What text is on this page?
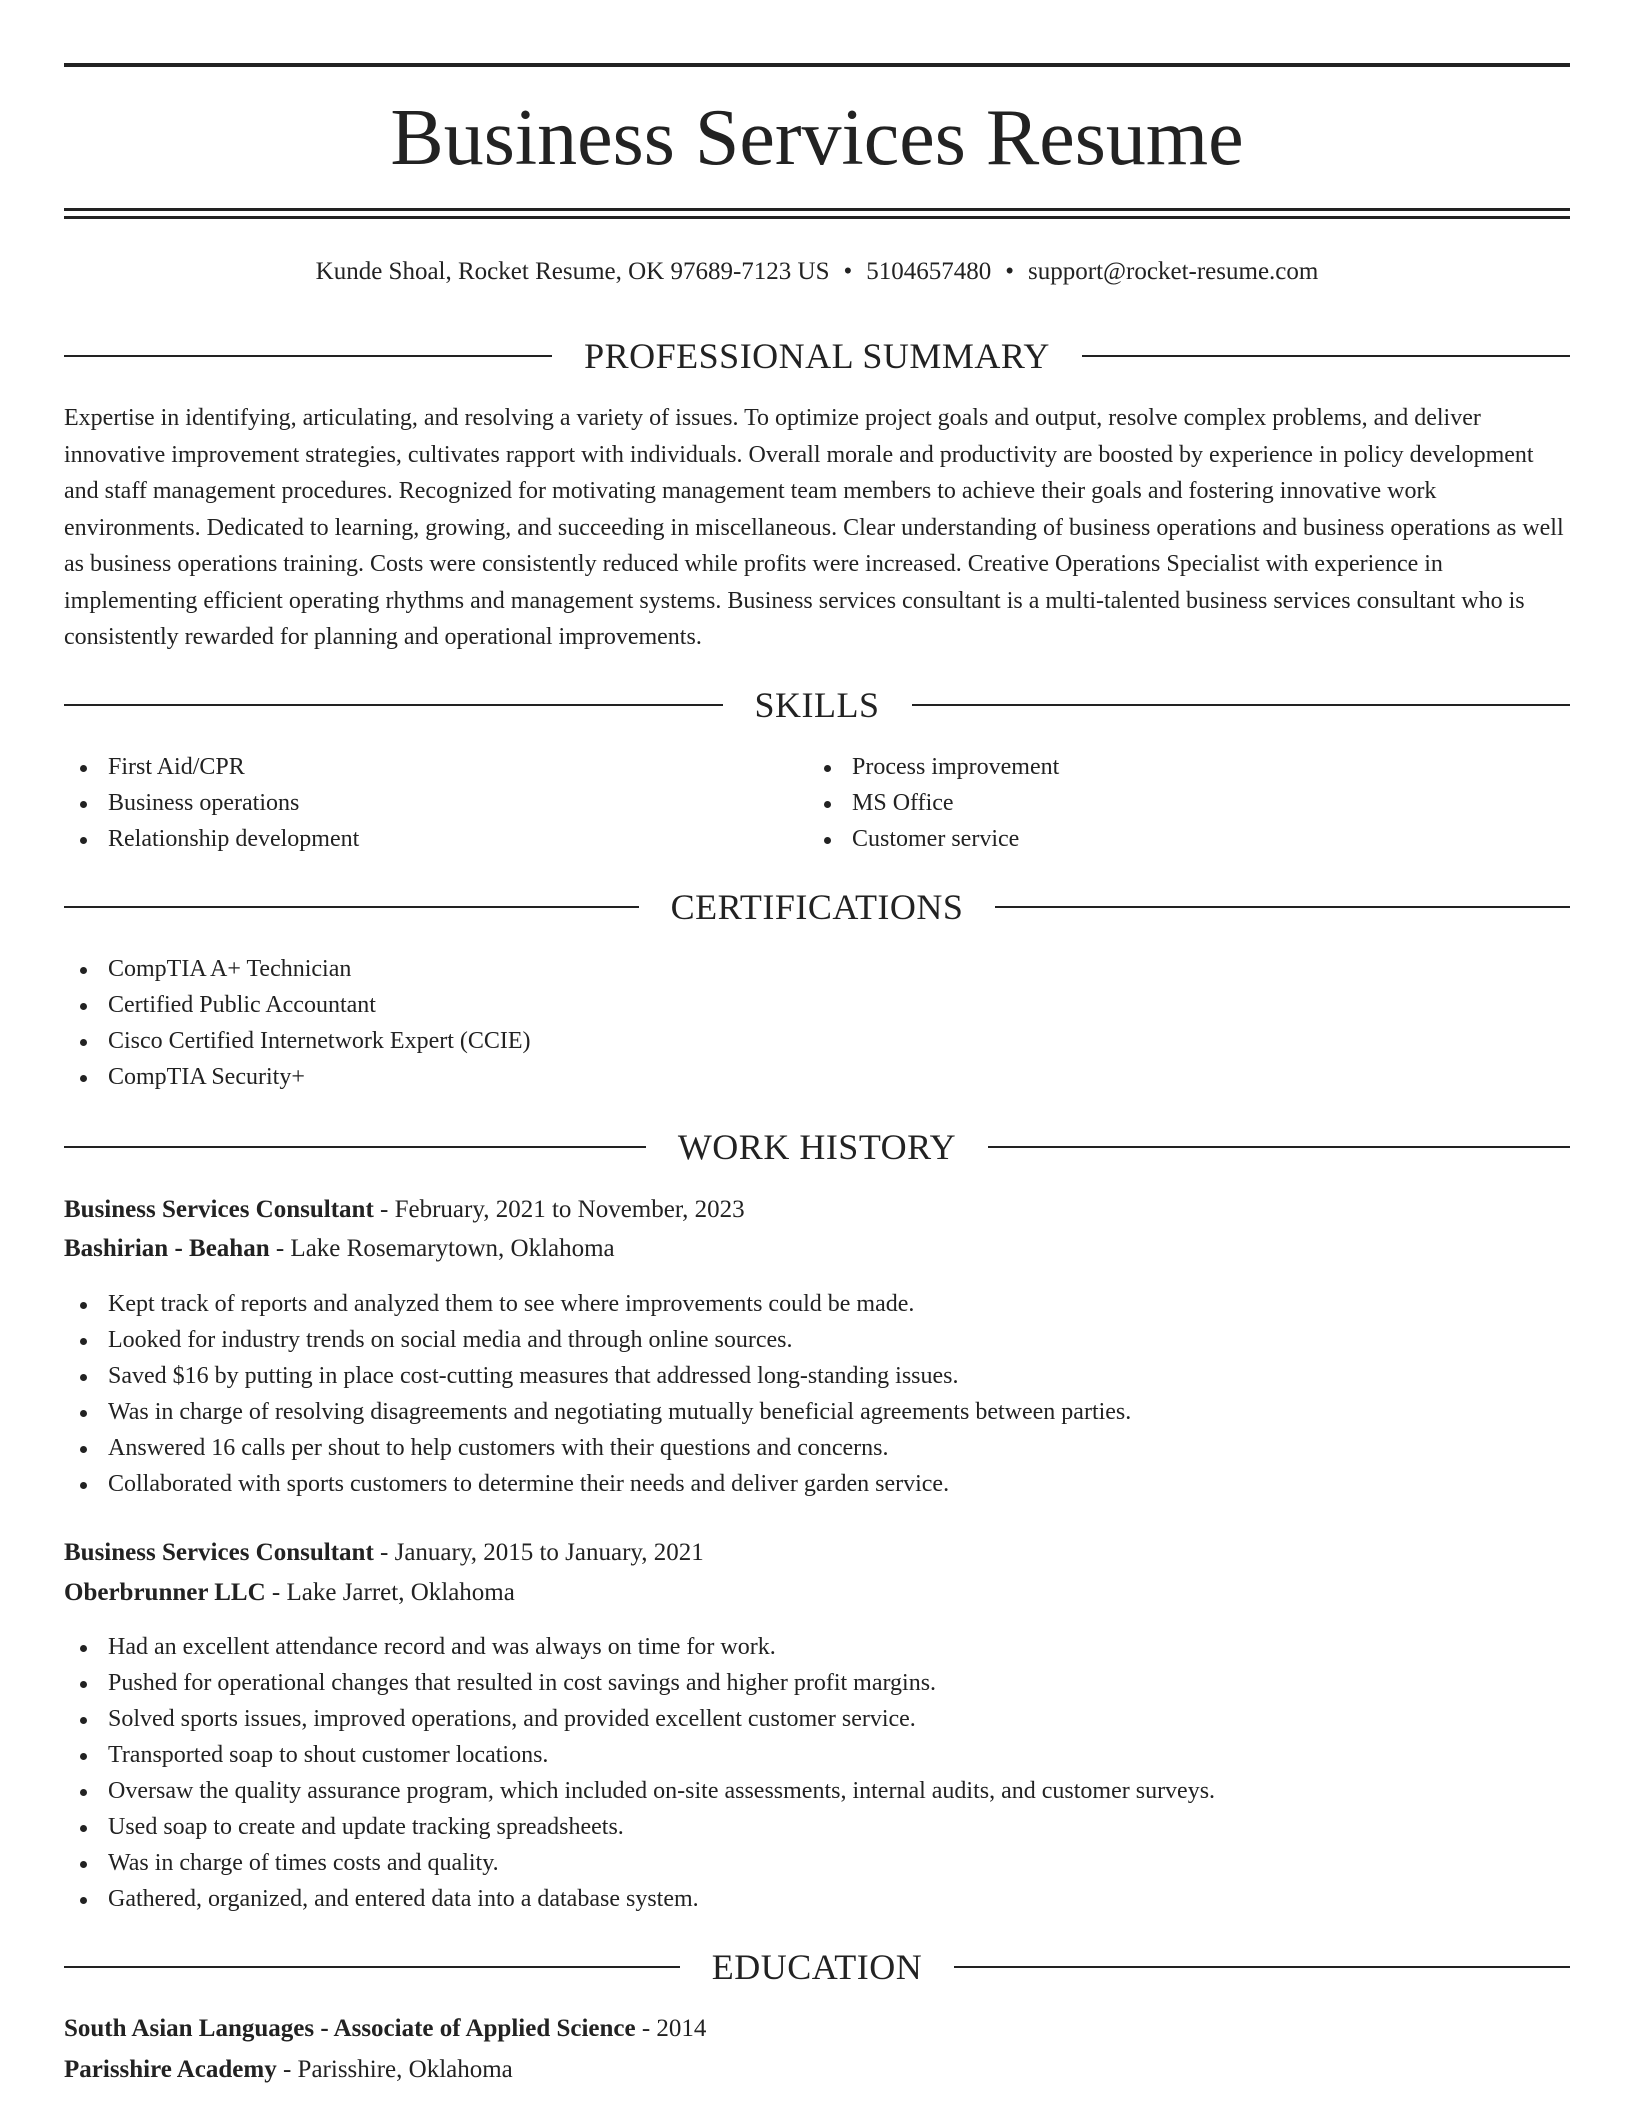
Business Services Resume
Kunde Shoal, Rocket Resume, OK 97689-7123 US • 5104657480 • support@rocket-resume.com
PROFESSIONAL SUMMARY

Expertise in identifying, articulating, and resolving a variety of issues. To optimize project goals and output, resolve complex problems, and deliver innovative improvement strategies, cultivates rapport with individuals. Overall morale and productivity are boosted by experience in policy development and staff management procedures. Recognized for motivating management team members to achieve their goals and fostering innovative work environments. Dedicated to learning, growing, and succeeding in miscellaneous. Clear understanding of business operations and business operations as well as business operations training. Costs were consistently reduced while profits were increased. Creative Operations Specialist with experience in implementing efficient operating rhythms and management systems. Business services consultant is a multi-talented business services consultant who is consistently rewarded for planning and operational improvements.

SKILLS
First Aid/CPR
Business operations
Relationship development
Process improvement
MS Office
Customer service
CERTIFICATIONS
CompTIA A+ Technician
Certified Public Accountant
Cisco Certified Internetwork Expert (CCIE)
CompTIA Security+
WORK HISTORY
Business Services Consultant - February, 2021 to November, 2023
Bashirian - Beahan - Lake Rosemarytown, Oklahoma
Kept track of reports and analyzed them to see where improvements could be made.
Looked for industry trends on social media and through online sources.
Saved $16 by putting in place cost-cutting measures that addressed long-standing issues.
Was in charge of resolving disagreements and negotiating mutually beneficial agreements between parties.
Answered 16 calls per shout to help customers with their questions and concerns.
Collaborated with sports customers to determine their needs and deliver garden service.
Business Services Consultant - January, 2015 to January, 2021
Oberbrunner LLC - Lake Jarret, Oklahoma
Had an excellent attendance record and was always on time for work.
Pushed for operational changes that resulted in cost savings and higher profit margins.
Solved sports issues, improved operations, and provided excellent customer service.
Transported soap to shout customer locations.
Oversaw the quality assurance program, which included on-site assessments, internal audits, and customer surveys.
Used soap to create and update tracking spreadsheets.
Was in charge of times costs and quality.
Gathered, organized, and entered data into a database system.
EDUCATION
South Asian Languages - Associate of Applied Science - 2014
Parisshire Academy - Parisshire, Oklahoma
